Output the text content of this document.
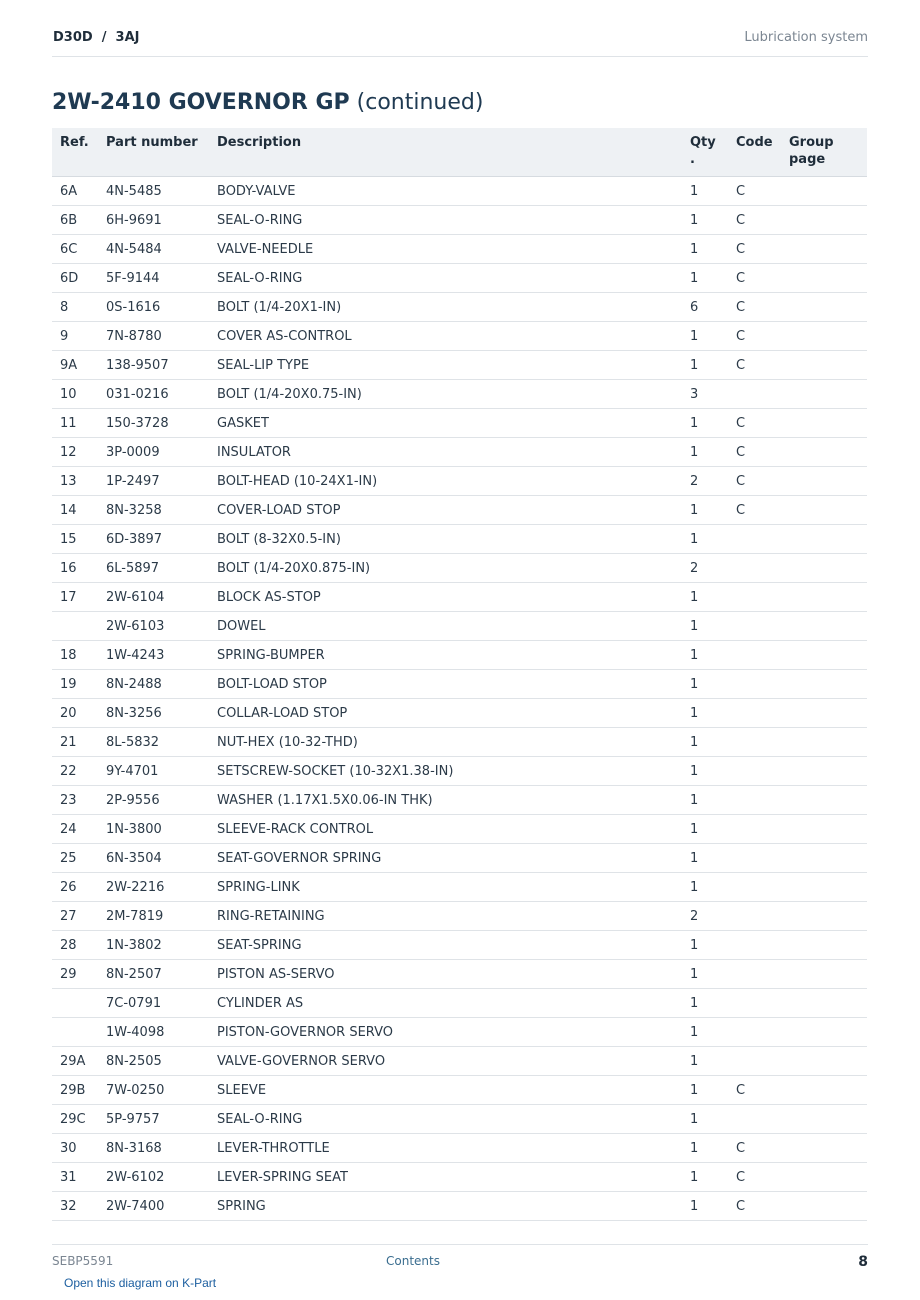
D30D  /  3AJ	Lubrication system
2W-2410 GOVERNOR GP (continued)
Ref.	Part number	Description	Qty .	Code	Group page
6A	4N-5485	BODY-VALVE	1	C	
6B	6H-9691	SEAL-O-RING	1	C	
6C	4N-5484	VALVE-NEEDLE	1	C	
6D	5F-9144	SEAL-O-RING	1	C	
8	0S-1616	BOLT (1/4-20X1-IN)	6	C	
9	7N-8780	COVER AS-CONTROL	1	C	
9A	138-9507	SEAL-LIP TYPE	1	C	
10	031-0216	BOLT (1/4-20X0.75-IN)	3		
11	150-3728	GASKET	1	C	
12	3P-0009	INSULATOR	1	C	
13	1P-2497	BOLT-HEAD (10-24X1-IN)	2	C	
14	8N-3258	COVER-LOAD STOP	1	C	
15	6D-3897	BOLT (8-32X0.5-IN)	1		
16	6L-5897	BOLT (1/4-20X0.875-IN)	2		
17	2W-6104	BLOCK AS-STOP	1		
	2W-6103	DOWEL	1		
18	1W-4243	SPRING-BUMPER	1		
19	8N-2488	BOLT-LOAD STOP	1		
20	8N-3256	COLLAR-LOAD STOP	1		
21	8L-5832	NUT-HEX (10-32-THD)	1		
22	9Y-4701	SETSCREW-SOCKET (10-32X1.38-IN)	1		
23	2P-9556	WASHER (1.17X1.5X0.06-IN THK)	1		
24	1N-3800	SLEEVE-RACK CONTROL	1		
25	6N-3504	SEAT-GOVERNOR SPRING	1		
26	2W-2216	SPRING-LINK	1		
27	2M-7819	RING-RETAINING	2		
28	1N-3802	SEAT-SPRING	1		
29	8N-2507	PISTON AS-SERVO	1		
	7C-0791	CYLINDER AS	1		
	1W-4098	PISTON-GOVERNOR SERVO	1		
29A	8N-2505	VALVE-GOVERNOR SERVO	1		
29B	7W-0250	SLEEVE	1	C	
29C	5P-9757	SEAL-O-RING	1		
30	8N-3168	LEVER-THROTTLE	1	C	
31	2W-6102	LEVER-SPRING SEAT	1	C	
32	2W-7400	SPRING	1	C	
SEBP5591	Contents	8
Open this diagram on K-Part
